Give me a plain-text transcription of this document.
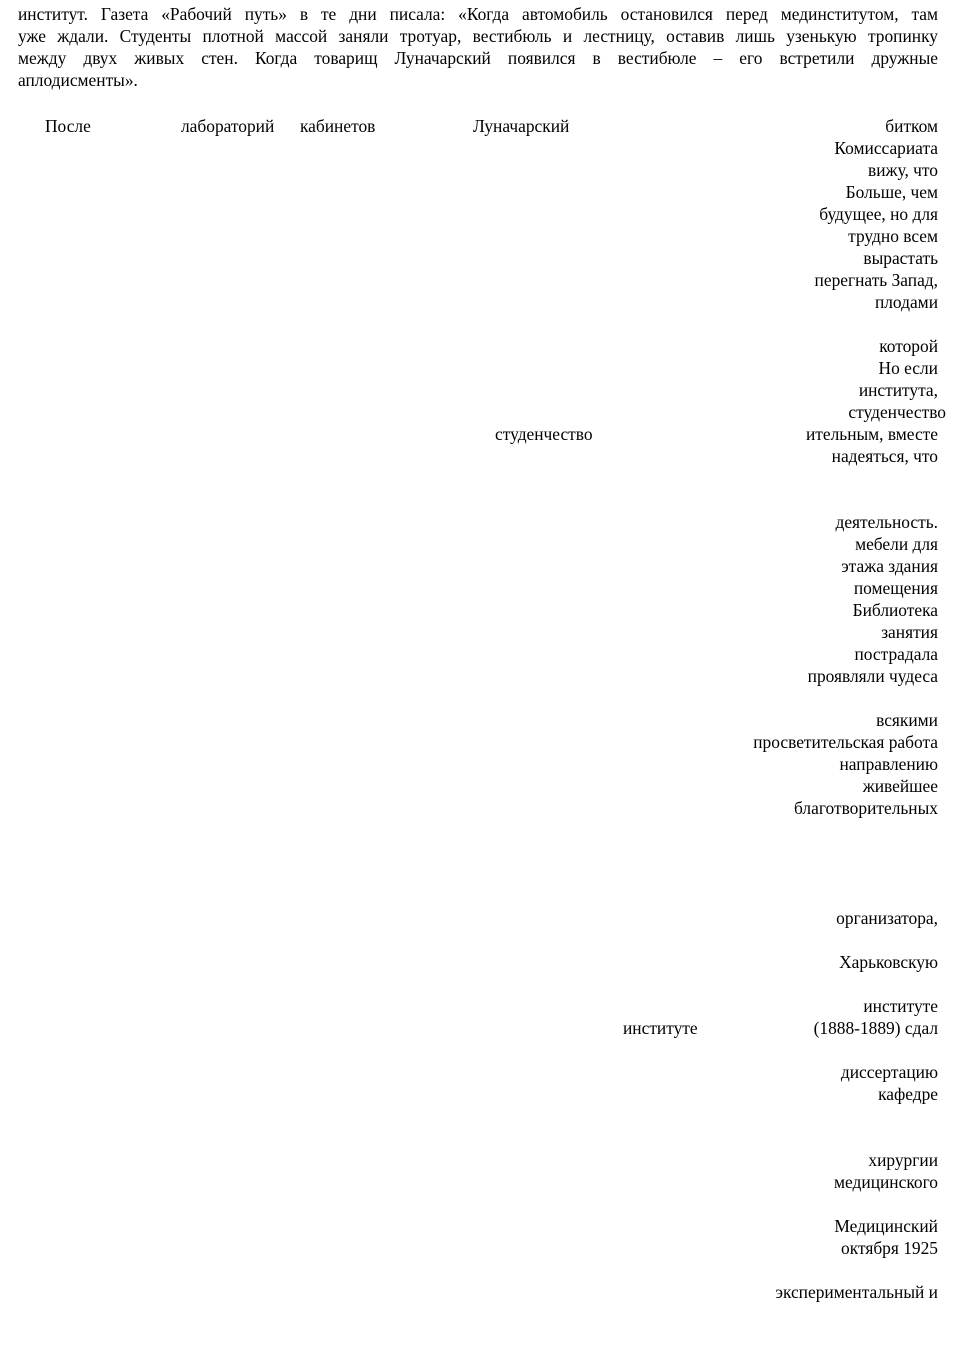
институт. Газета «Рабочий путь» в те дни писала: «Когда автомобиль остановился перед мединститутом, там
уже ждали. Студенты плотной массой заняли тротуар, вестибюль и лестницу, оставив лишь узенькую тропинку
между двух живых стен. Когда товарищ Луначарский появился в вестибюле – его встретили дружные
аплодисменты».
После	лабораторий кабинетов	Луначарский	битком
Комиссариата
вижу, что
Больше, чем
будущее, но для
трудно всем
вырастать
перегнать Запад,
плодами
которой
Но если
института,
студенчество
студенчество	ительным, вместе
надеяться, что
деятельность.
мебели для
этажа здания
помещения
Библиотека
занятия
пострадала
проявляли чудеса
всякими
просветительская работа
направлению
живейшее
благотворительных
организатора,
Харьковскую
институте
институте	(1888-1889) сдал
диссертацию
кафедре
хирургии
медицинского
Медицинский
октября 1925
экспериментальный и
